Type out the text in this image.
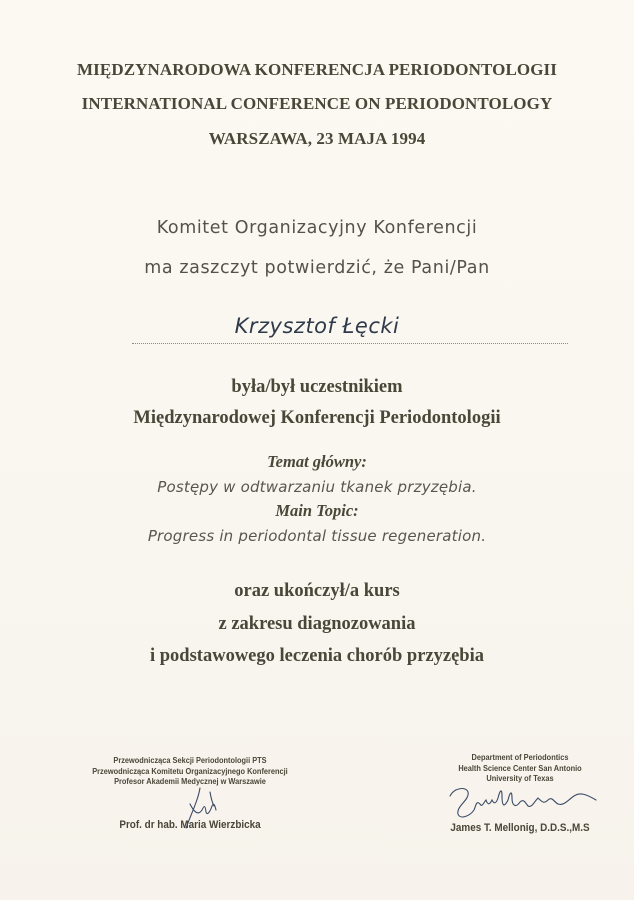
MIĘDZYNARODOWA KONFERENCJA PERIODONTOLOGII
INTERNATIONAL CONFERENCE ON PERIODONTOLOGY
WARSZAWA, 23 MAJA 1994
Komitet Organizacyjny Konferencji
ma zaszczyt potwierdzić, że Pani/Pan
Krzysztof Łęcki
była/był uczestnikiem
Międzynarodowej Konferencji Periodontologii
Temat główny:
Postępy w odtwarzaniu tkanek przyzębia.
Main Topic:
Progress in periodontal tissue regeneration.
oraz ukończył/a kurs
z zakresu diagnozowania
i podstawowego leczenia chorób przyzębia
Przewodnicząca Sekcji Periodontologii PTS
Przewodnicząca Komitetu Organizacyjnego Konferencji
Profesor Akademii Medycznej w Warszawie
Prof. dr hab. Maria Wierzbicka
Department of Periodontics
Health Science Center San Antonio
University of Texas
James T. Mellonig, D.D.S.,M.S
